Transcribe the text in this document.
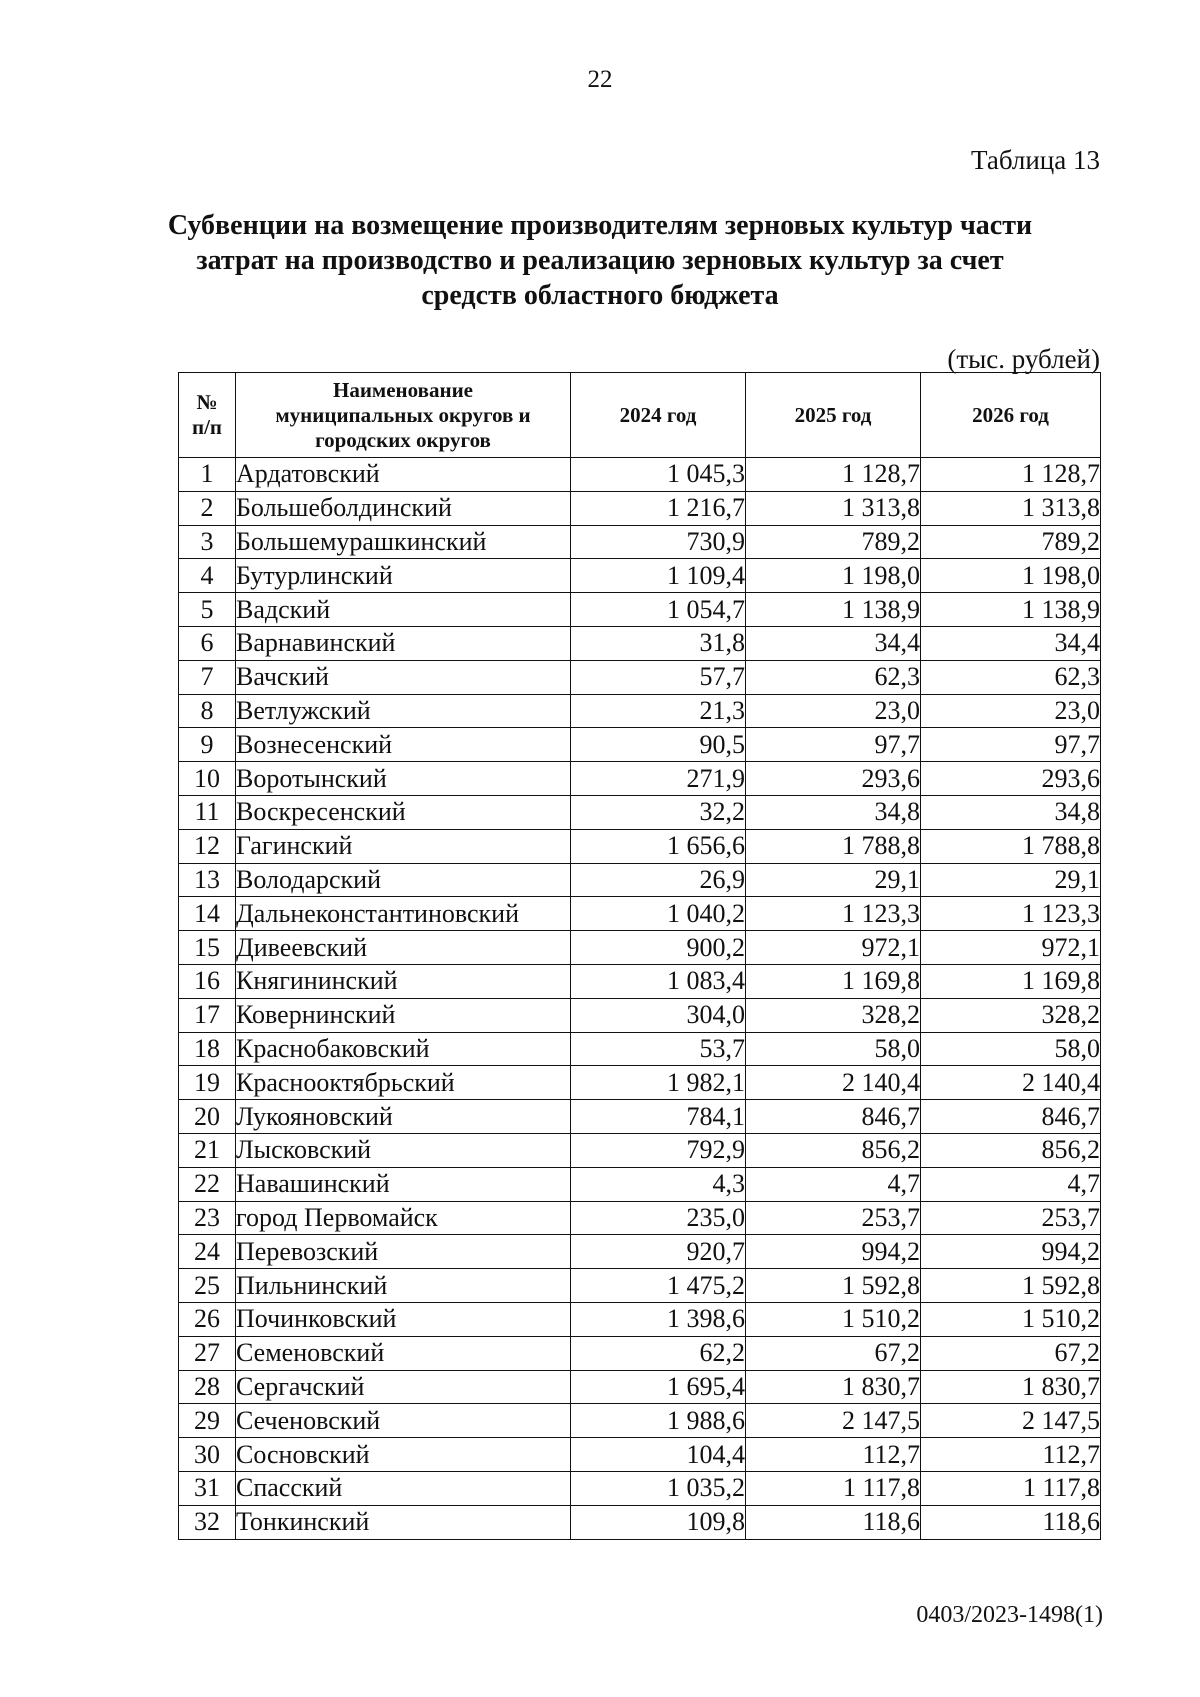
22
Таблица 13
Субвенции на возмещение производителям зерновых культур части
затрат на производство и реализацию зерновых культур за счет
средств областного бюджета
(тыс. рублей)
№ п/п	Наименование муниципальных округов и городских округов	2024 год	2025 год	2026 год
1	Ардатовский	1 045,3	1 128,7	1 128,7
2	Большеболдинский	1 216,7	1 313,8	1 313,8
3	Большемурашкинский	730,9	789,2	789,2
4	Бутурлинский	1 109,4	1 198,0	1 198,0
5	Вадский	1 054,7	1 138,9	1 138,9
6	Варнавинский	31,8	34,4	34,4
7	Вачский	57,7	62,3	62,3
8	Ветлужский	21,3	23,0	23,0
9	Вознесенский	90,5	97,7	97,7
10	Воротынский	271,9	293,6	293,6
11	Воскресенский	32,2	34,8	34,8
12	Гагинский	1 656,6	1 788,8	1 788,8
13	Володарский	26,9	29,1	29,1
14	Дальнеконстантиновский	1 040,2	1 123,3	1 123,3
15	Дивеевский	900,2	972,1	972,1
16	Княгининский	1 083,4	1 169,8	1 169,8
17	Ковернинский	304,0	328,2	328,2
18	Краснобаковский	53,7	58,0	58,0
19	Краснооктябрьский	1 982,1	2 140,4	2 140,4
20	Лукояновский	784,1	846,7	846,7
21	Лысковский	792,9	856,2	856,2
22	Навашинский	4,3	4,7	4,7
23	город Первомайск	235,0	253,7	253,7
24	Перевозский	920,7	994,2	994,2
25	Пильнинский	1 475,2	1 592,8	1 592,8
26	Починковский	1 398,6	1 510,2	1 510,2
27	Семеновский	62,2	67,2	67,2
28	Сергачский	1 695,4	1 830,7	1 830,7
29	Сеченовский	1 988,6	2 147,5	2 147,5
30	Сосновский	104,4	112,7	112,7
31	Спасский	1 035,2	1 117,8	1 117,8
32	Тонкинский	109,8	118,6	118,6
0403/2023-1498(1)
